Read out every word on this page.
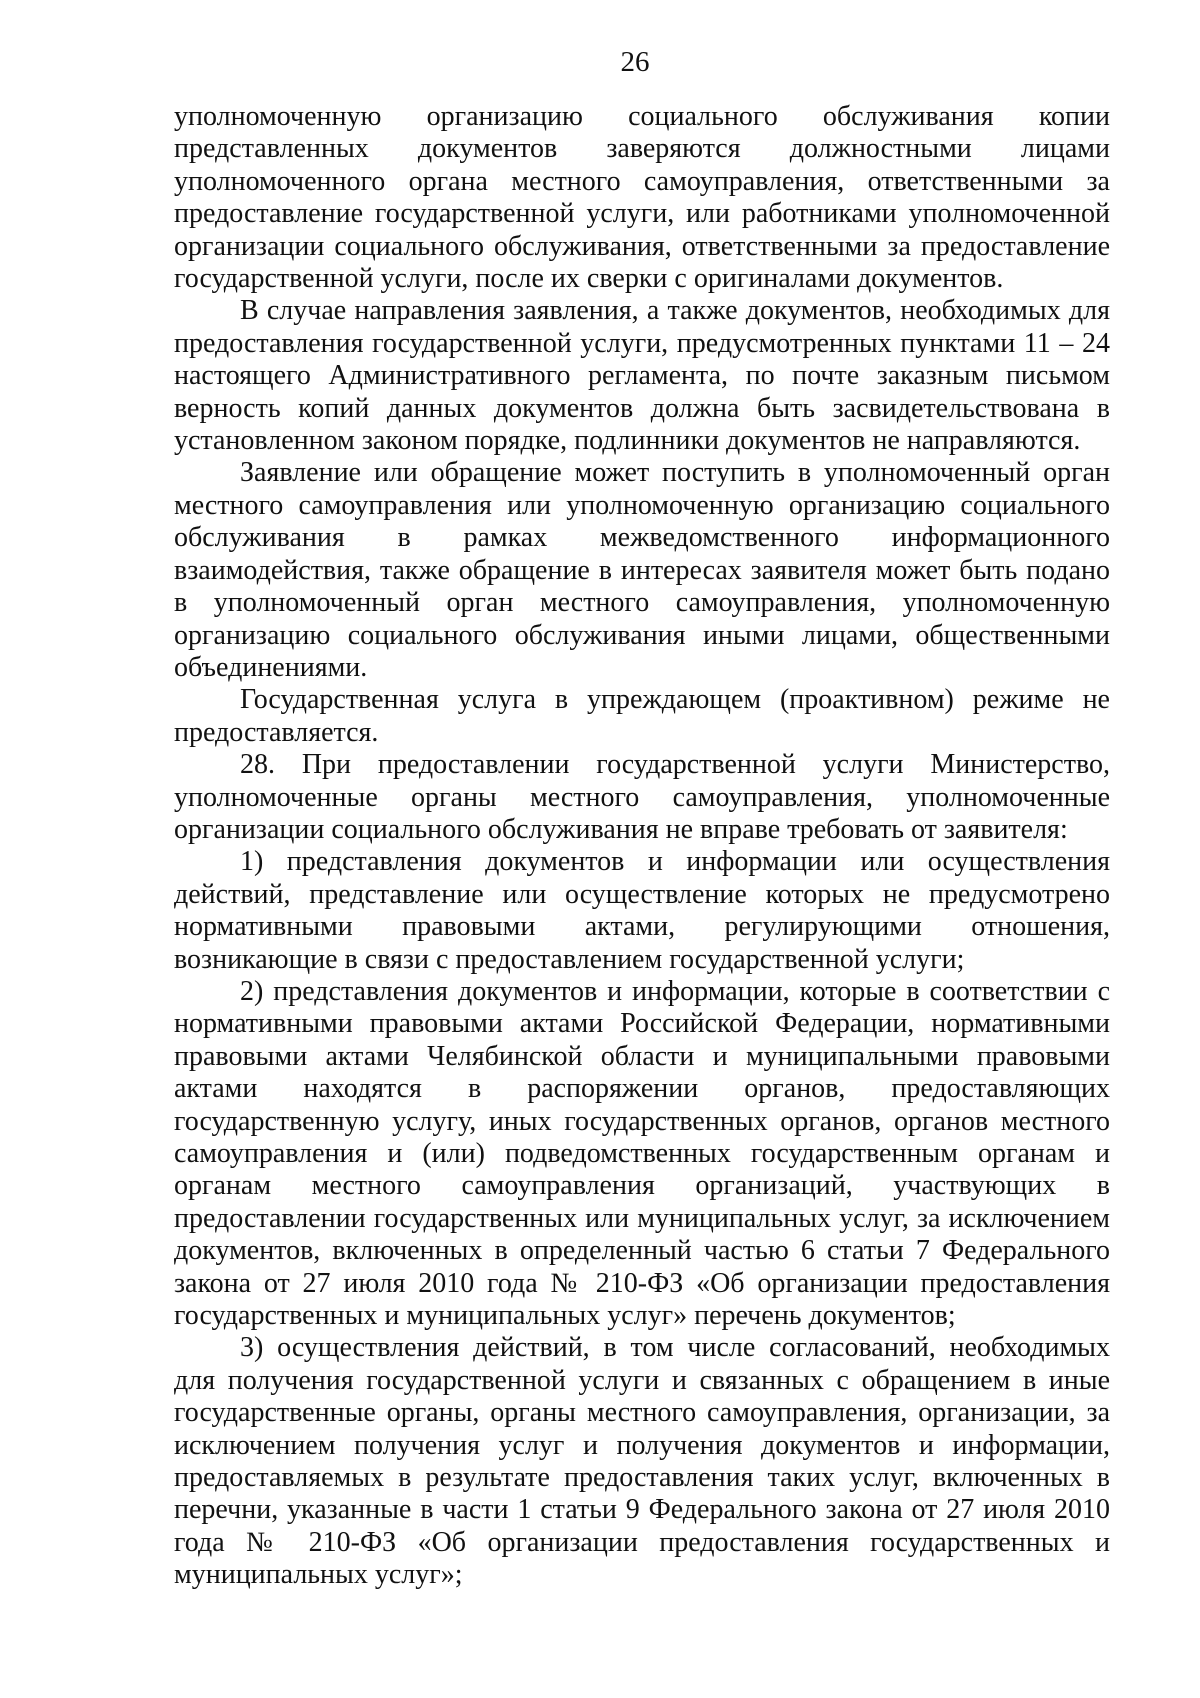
26

уполномоченную организацию социального обслуживания копии представленных документов заверяются должностными лицами уполномоченного органа местного самоуправления, ответственными за предоставление государственной услуги, или работниками уполномоченной организации социального обслуживания, ответственными за предоставление государственной услуги, после их сверки с оригиналами документов.

В случае направления заявления, а также документов, необходимых для предоставления государственной услуги, предусмотренных пунктами 11 – 24 настоящего Административного регламента, по почте заказным письмом верность копий данных документов должна быть засвидетельствована в установленном законом порядке, подлинники документов не направляются.

Заявление или обращение может поступить в уполномоченный орган местного самоуправления или уполномоченную организацию социального обслуживания в рамках межведомственного информационного взаимодействия, также обращение в интересах заявителя может быть подано в уполномоченный орган местного самоуправления, уполномоченную организацию социального обслуживания иными лицами, общественными объединениями.

Государственная услуга в упреждающем (проактивном) режиме не предоставляется.

28. При предоставлении государственной услуги Министерство, уполномоченные органы местного самоуправления, уполномоченные организации социального обслуживания не вправе требовать от заявителя:

1) представления документов и информации или осуществления действий, представление или осуществление которых не предусмотрено нормативными правовыми актами, регулирующими отношения, возникающие в связи с предоставлением государственной услуги;

2) представления документов и информации, которые в соответствии с нормативными правовыми актами Российской Федерации, нормативными правовыми актами Челябинской области и муниципальными правовыми актами находятся в распоряжении органов, предоставляющих государственную услугу, иных государственных органов, органов местного самоуправления и (или) подведомственных государственным органам и органам местного самоуправления организаций, участвующих в предоставлении государственных или муниципальных услуг, за исключением документов, включенных в определенный частью 6 статьи 7 Федерального закона от 27 июля 2010 года № 210-ФЗ «Об организации предоставления государственных и муниципальных услуг» перечень документов;

3) осуществления действий, в том числе согласований, необходимых для получения государственной услуги и связанных с обращением в иные государственные органы, органы местного самоуправления, организации, за исключением получения услуг и получения документов и информации, предоставляемых в результате предоставления таких услуг, включенных в перечни, указанные в части 1 статьи 9 Федерального закона от 27 июля 2010 года № 210-ФЗ «Об организации предоставления государственных и муниципальных услуг»;
